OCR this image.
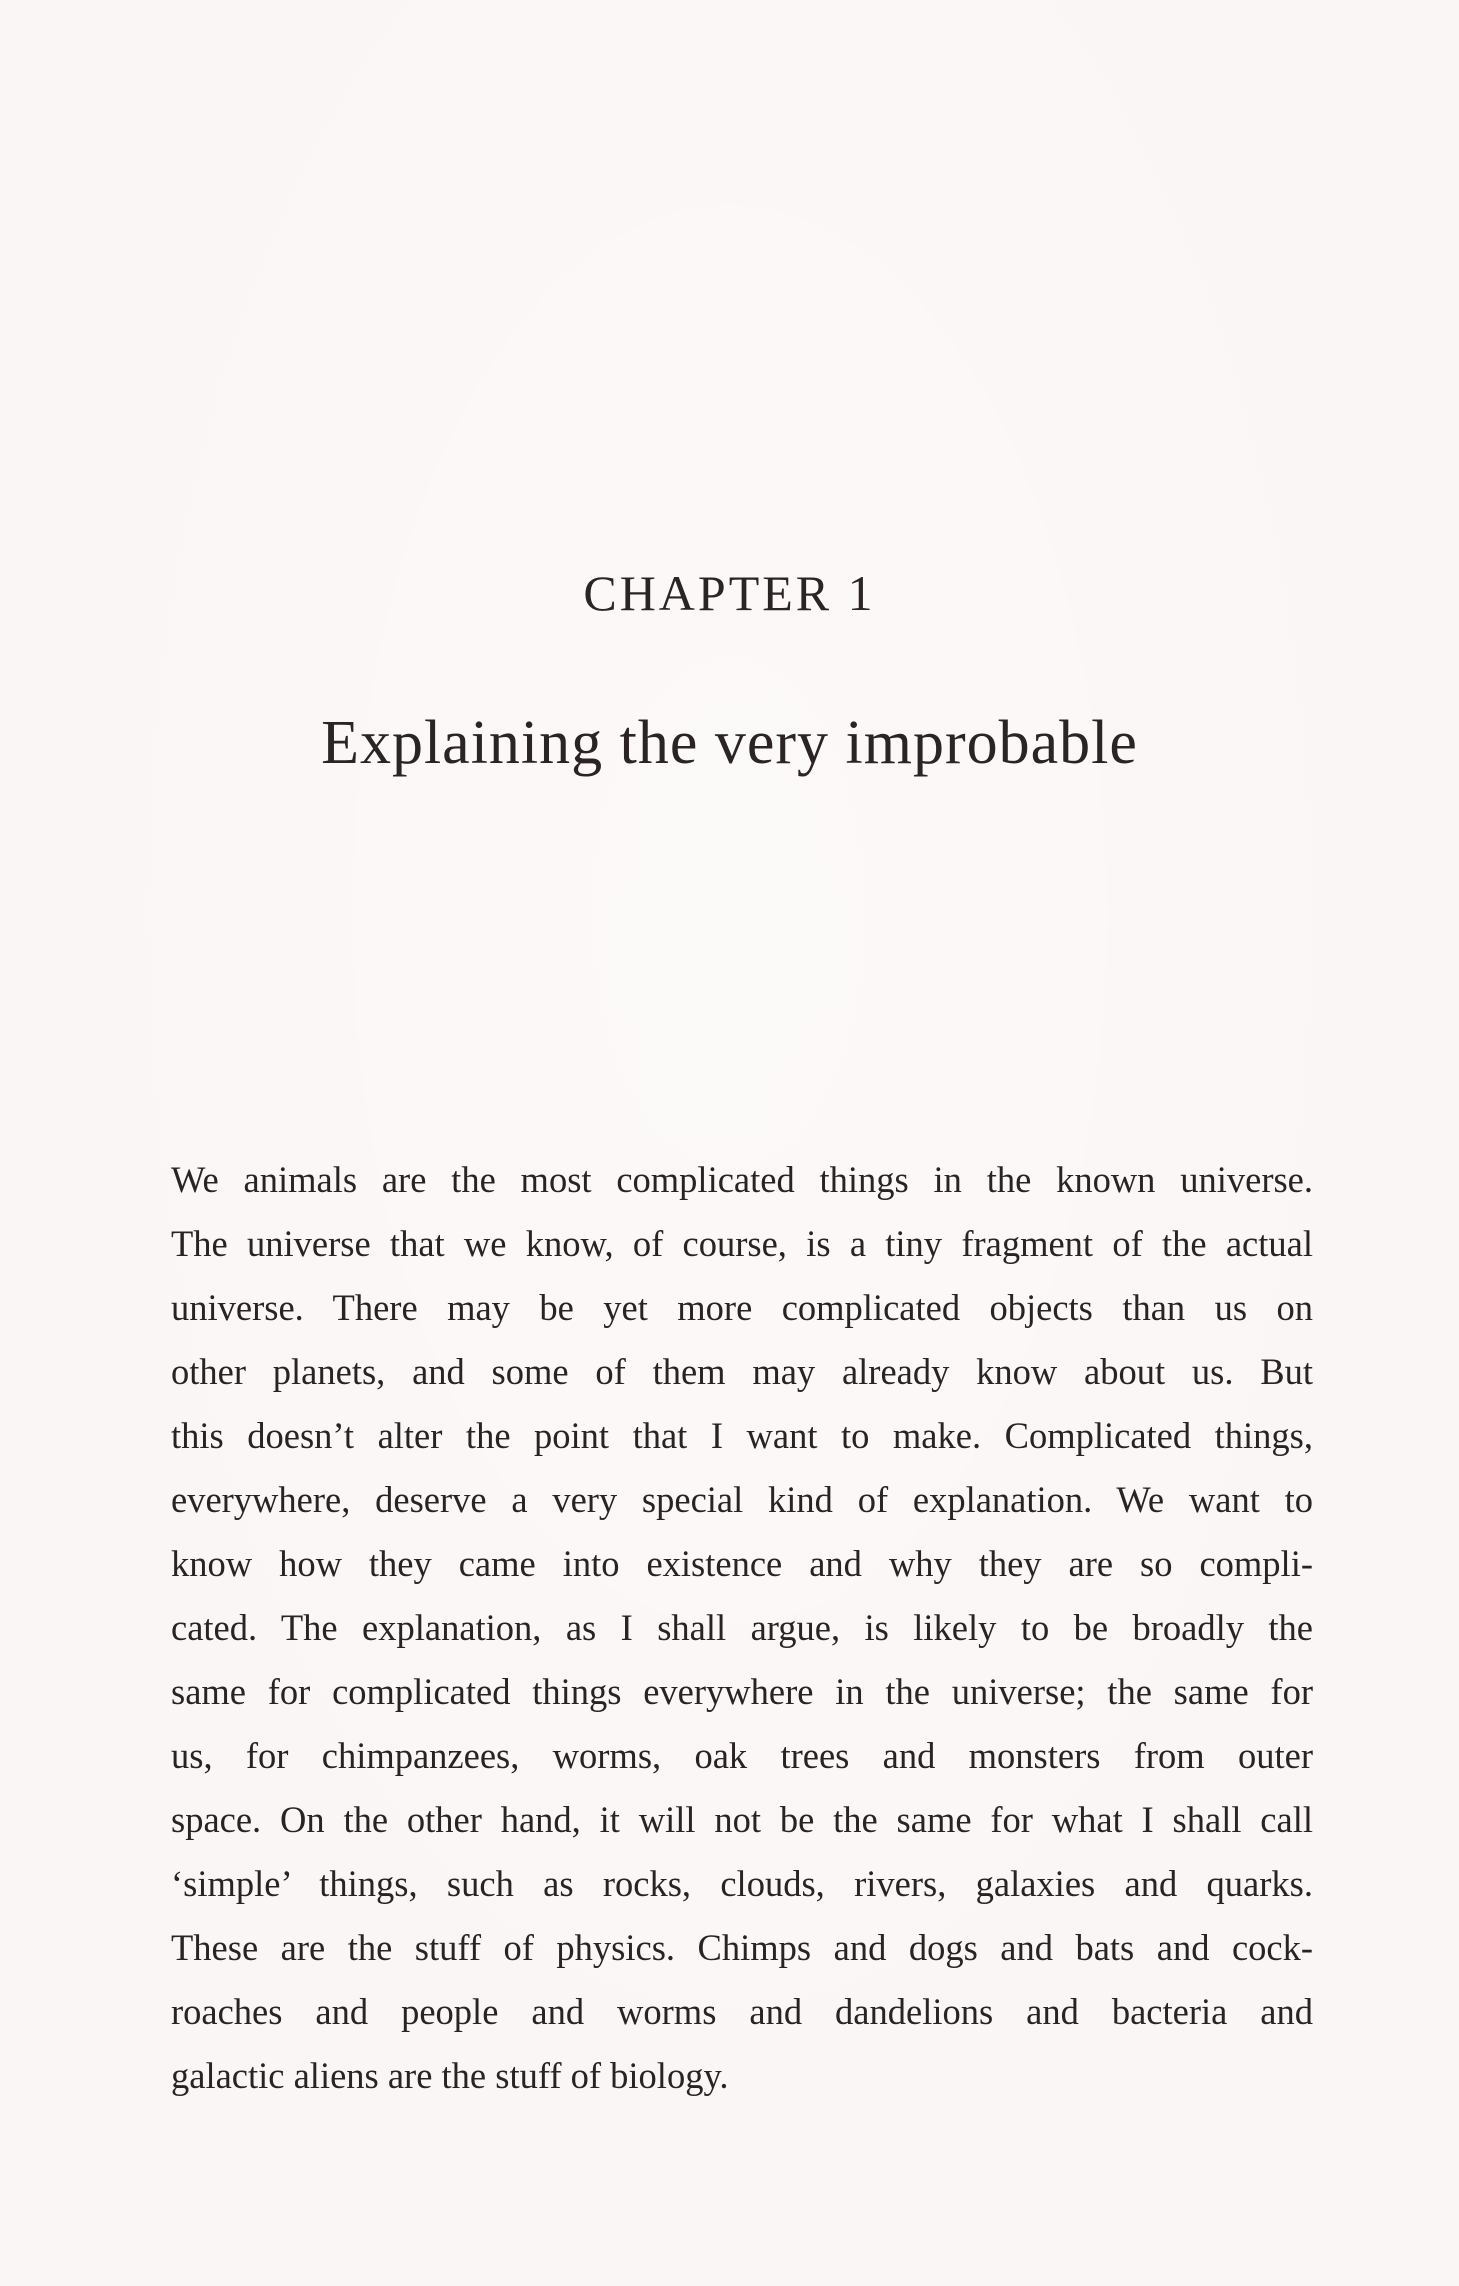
CHAPTER 1
Explaining the very improbable
We animals are the most complicated things in the known universe.
The universe that we know, of course, is a tiny fragment of the actual
universe. There may be yet more complicated objects than us on
other planets, and some of them may already know about us. But
this doesn’t alter the point that I want to make. Complicated things,
everywhere, deserve a very special kind of explanation. We want to
know how they came into existence and why they are so compli-
cated. The explanation, as I shall argue, is likely to be broadly the
same for complicated things everywhere in the universe; the same for
us, for chimpanzees, worms, oak trees and monsters from outer
space. On the other hand, it will not be the same for what I shall call
‘simple’ things, such as rocks, clouds, rivers, galaxies and quarks.
These are the stuff of physics. Chimps and dogs and bats and cock-
roaches and people and worms and dandelions and bacteria and
galactic aliens are the stuff of biology.
